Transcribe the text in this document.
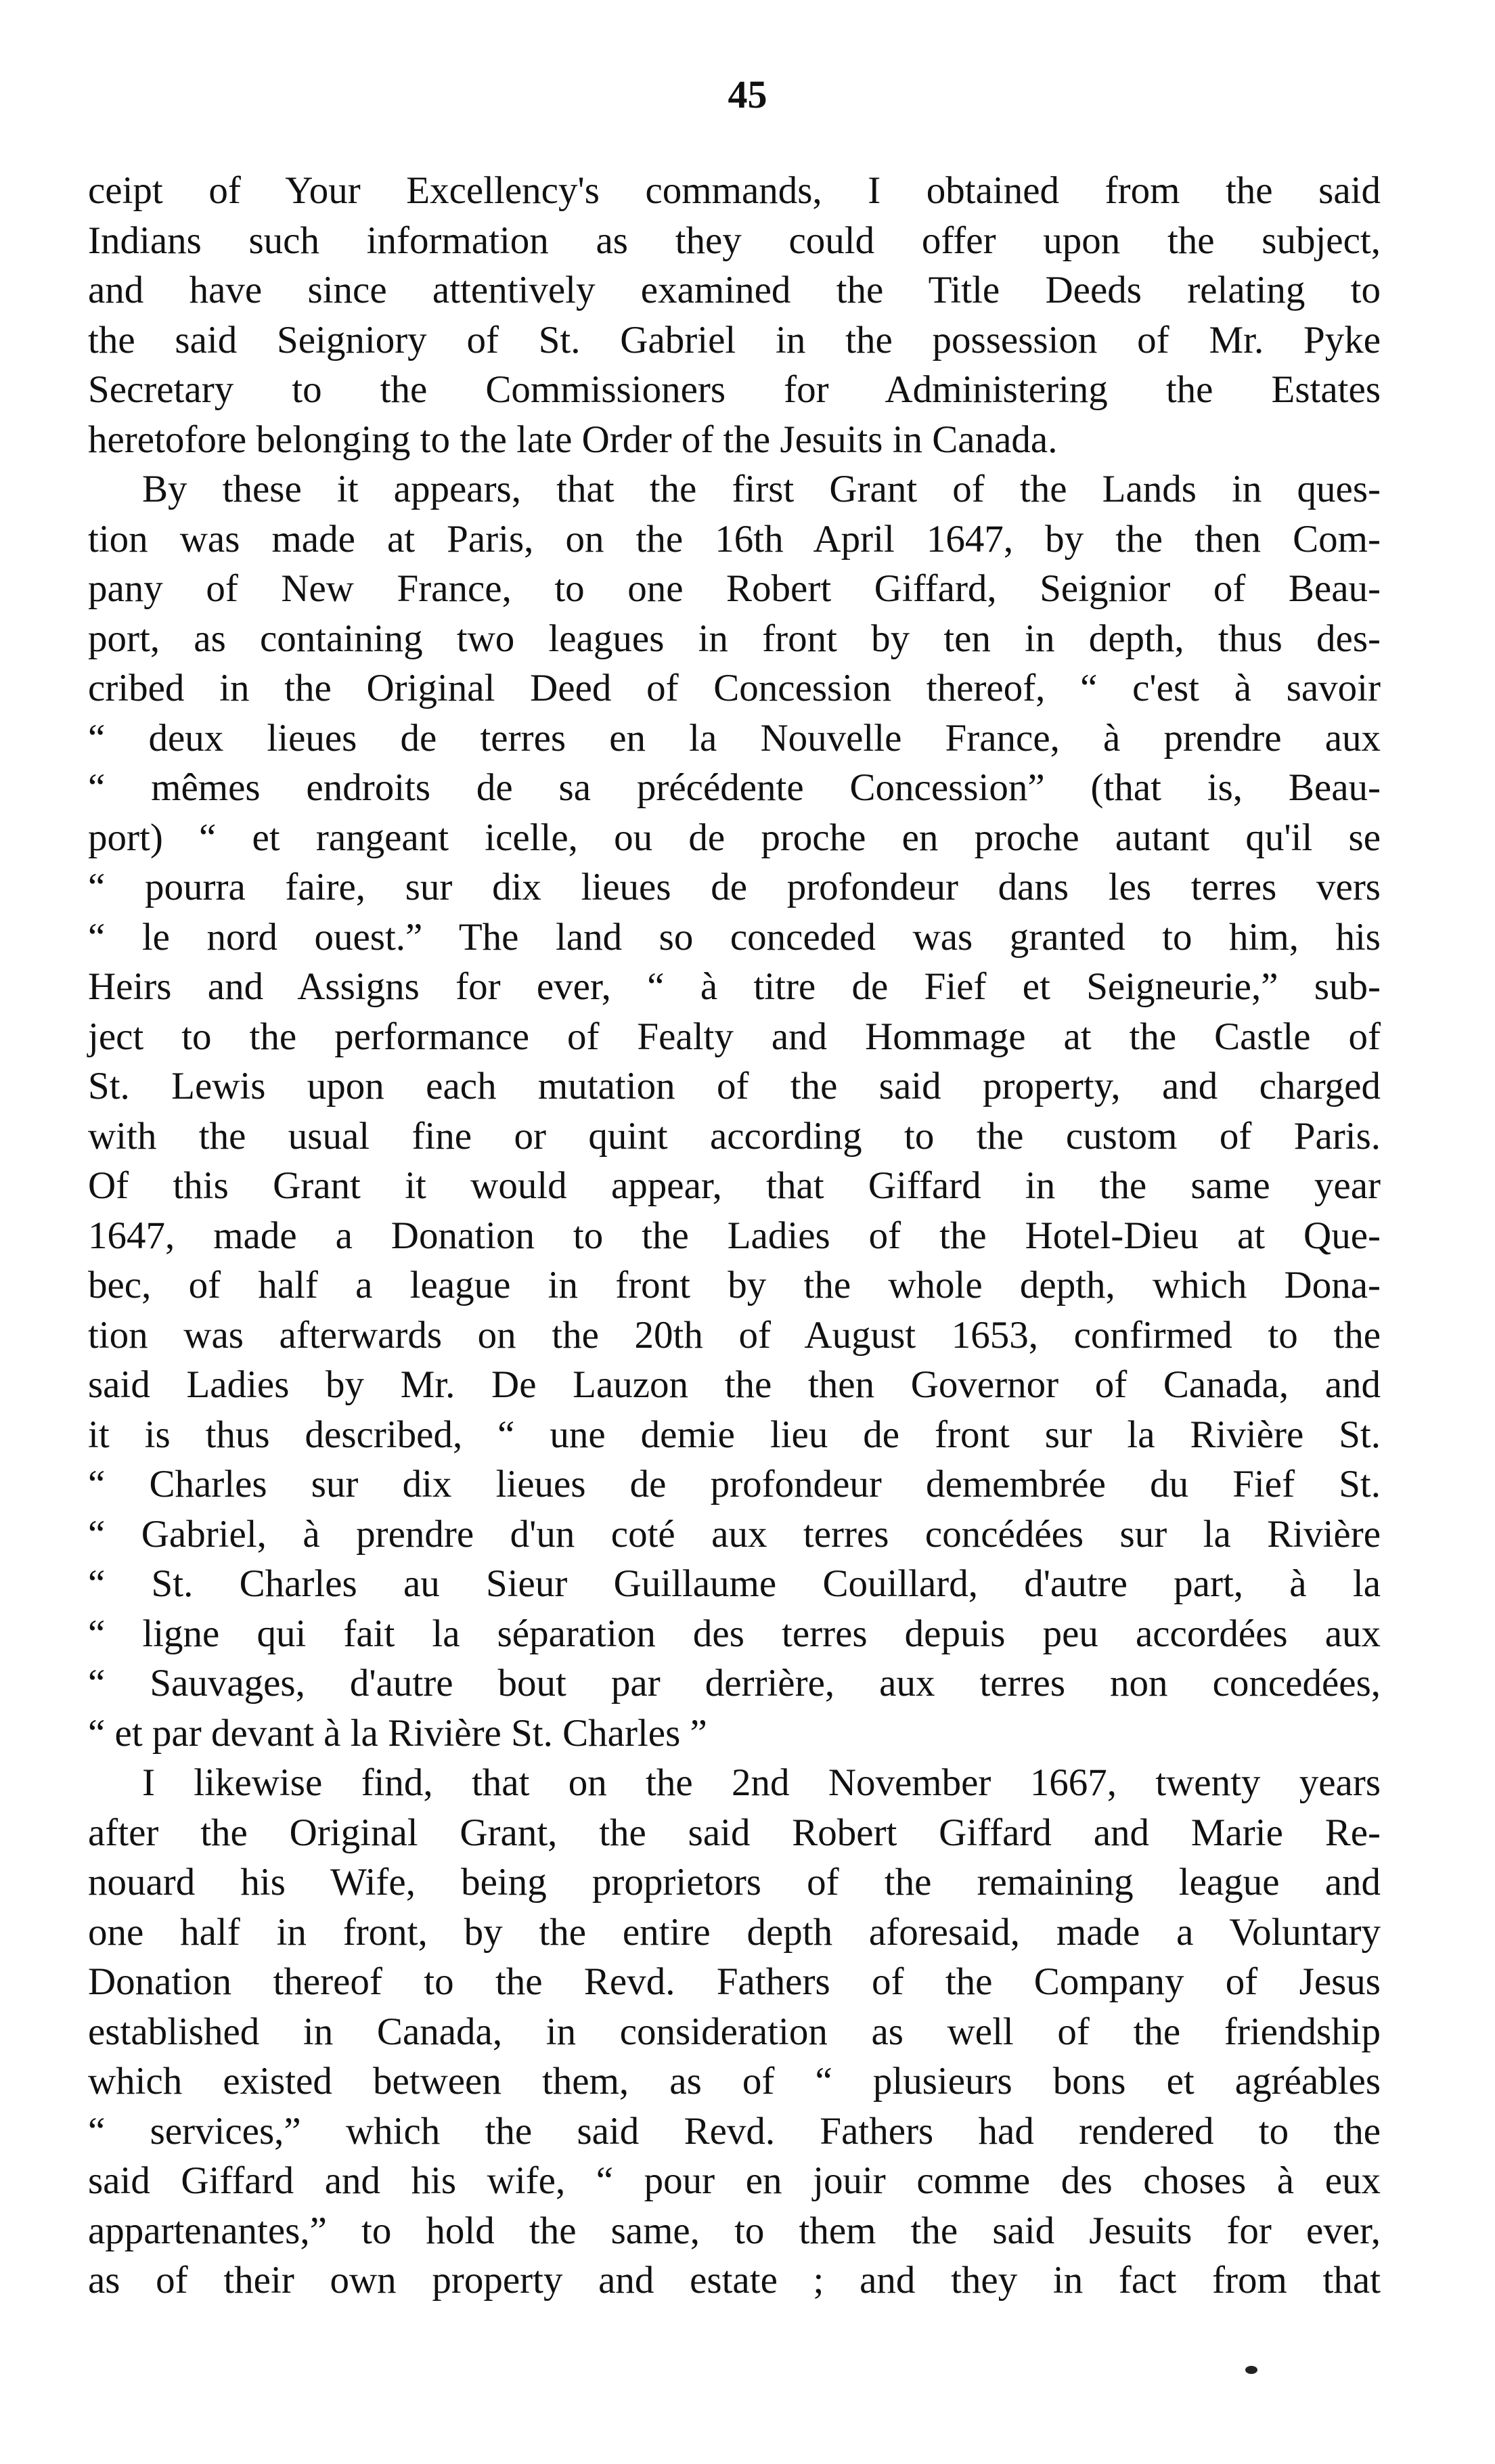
45
ceipt of Your Excellency's commands, I obtained from the said
Indians such information as they could offer upon the subject,
and have since attentively examined the Title Deeds relating to
the said Seigniory of St. Gabriel in the possession of Mr. Pyke
Secretary to the Commissioners for Administering the Estates
heretofore belonging to the late Order of the Jesuits in Canada.
By these it appears, that the first Grant of the Lands in ques-
tion was made at Paris, on the 16th April 1647, by the then Com-
pany of New France, to one Robert Giffard, Seignior of Beau-
port, as containing two leagues in front by ten in depth, thus des-
cribed in the Original Deed of Concession thereof, “ c'est à savoir
“ deux lieues de terres en la Nouvelle France, à prendre aux
“ mêmes endroits de sa précédente Concession” (that is, Beau-
port) “ et rangeant icelle, ou de proche en proche autant qu'il se
“ pourra faire, sur dix lieues de profondeur dans les terres vers
“ le nord ouest.” The land so conceded was granted to him, his
Heirs and Assigns for ever, “ à titre de Fief et Seigneurie,” sub-
ject to the performance of Fealty and Hommage at the Castle of
St. Lewis upon each mutation of the said property, and charged
with the usual fine or quint according to the custom of Paris.
Of this Grant it would appear, that Giffard in the same year
1647, made a Donation to the Ladies of the Hotel-Dieu at Que-
bec, of half a league in front by the whole depth, which Dona-
tion was afterwards on the 20th of August 1653, confirmed to the
said Ladies by Mr. De Lauzon the then Governor of Canada, and
it is thus described, “ une demie lieu de front sur la Rivière St.
“ Charles sur dix lieues de profondeur demembrée du Fief St.
“ Gabriel, à prendre d'un coté aux terres concédées sur la Rivière
“ St. Charles au Sieur Guillaume Couillard, d'autre part, à la
“ ligne qui fait la séparation des terres depuis peu accordées aux
“ Sauvages, d'autre bout par derrière, aux terres non concedées,
“ et par devant à la Rivière St. Charles ”
I likewise find, that on the 2nd November 1667, twenty years
after the Original Grant, the said Robert Giffard and Marie Re-
nouard his Wife, being proprietors of the remaining league and
one half in front, by the entire depth aforesaid, made a Voluntary
Donation thereof to the Revd. Fathers of the Company of Jesus
established in Canada, in consideration as well of the friendship
which existed between them, as of “ plusieurs bons et agréables
“ services,” which the said Revd. Fathers had rendered to the
said Giffard and his wife, “ pour en jouir comme des choses à eux
appartenantes,” to hold the same, to them the said Jesuits for ever,
as of their own property and estate ; and they in fact from that
